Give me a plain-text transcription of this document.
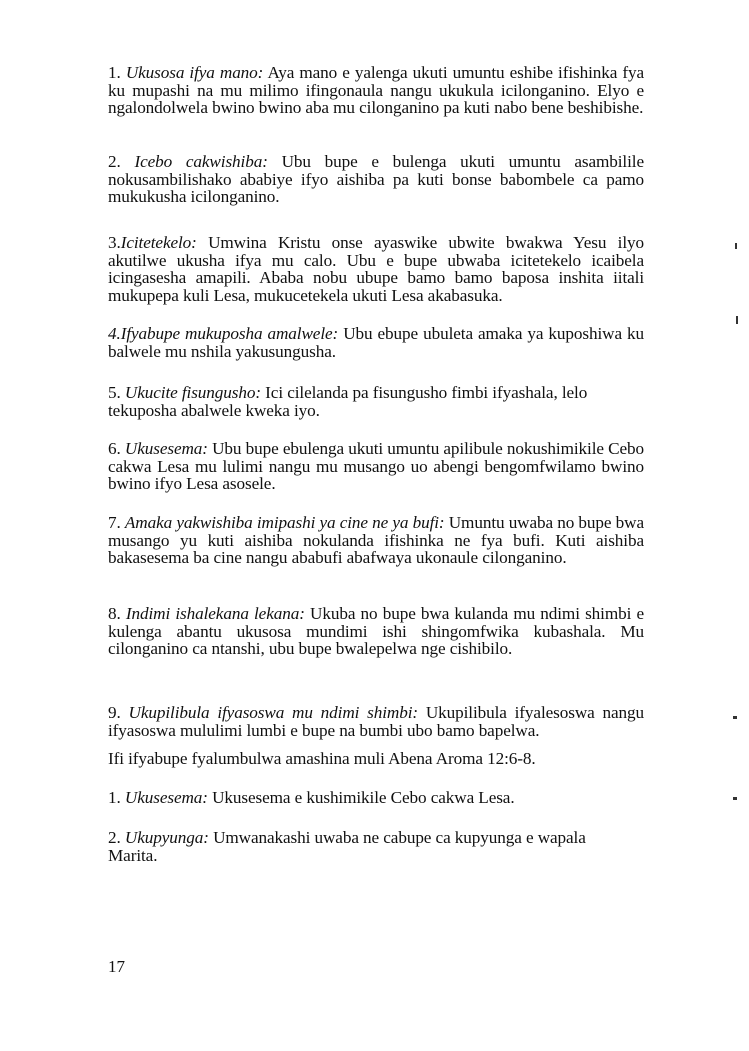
1. Ukusosa ifya mano: Aya mano e yalenga ukuti umuntu eshibe ifishinka fya ku mupashi na mu milimo ifingonaula nangu ukukula icilonganino. Elyo e ngalondolwela bwino bwino aba mu cilonganino pa kuti nabo bene beshibishe.

2. Icebo cakwishiba: Ubu bupe e bulenga ukuti umuntu asambilile nokusambilishako ababiye ifyo aishiba pa kuti bonse babombele ca pamo mukukusha icilonganino.

3.Icitetekelo: Umwina Kristu onse ayaswike ubwite bwakwa Yesu ilyo akutilwe ukusha ifya mu calo. Ubu e bupe ubwaba icitetekelo icaibela icingasesha amapili. Ababa nobu ubupe bamo bamo baposa inshita iitali mukupepa kuli Lesa, mukucetekela ukuti Lesa akabasuka.

4.Ifyabupe mukuposha amalwele: Ubu ebupe ubuleta amaka ya kuposhiwa ku balwele mu nshila yakusungusha.

5. Ukucite fisungusho: Ici cilelanda pa fisungusho fimbi ifyashala, lelo tekuposha abalwele kweka iyo.

6. Ukusesema: Ubu bupe ebulenga ukuti umuntu apilibule nokushimikile Cebo cakwa Lesa mu lulimi nangu mu musango uo abengi bengomfwilamo bwino bwino ifyo Lesa asosele.

7. Amaka yakwishiba imipashi ya cine ne ya bufi: Umuntu uwaba no bupe bwa musango yu kuti aishiba nokulanda ifishinka ne fya bufi. Kuti aishiba bakasesema ba cine nangu ababufi abafwaya ukonaule cilonganino.

8. Indimi ishalekana lekana: Ukuba no bupe bwa kulanda mu ndimi shimbi e kulenga abantu ukusosa mundimi ishi shingomfwika kubashala. Mu cilonganino ca ntanshi, ubu bupe bwalepelwa nge cishibilo.

9. Ukupilibula ifyasoswa mu ndimi shimbi: Ukupilibula ifyalesoswa nangu ifyasoswa mululimi lumbi e bupe na bumbi ubo bamo bapelwa.

Ifi ifyabupe fyalumbulwa amashina muli Abena Aroma 12:6-8.

1. Ukusesema: Ukusesema e kushimikile Cebo cakwa Lesa.

2. Ukupyunga: Umwanakashi uwaba ne cabupe ca kupyunga e wapala Marita.

17
